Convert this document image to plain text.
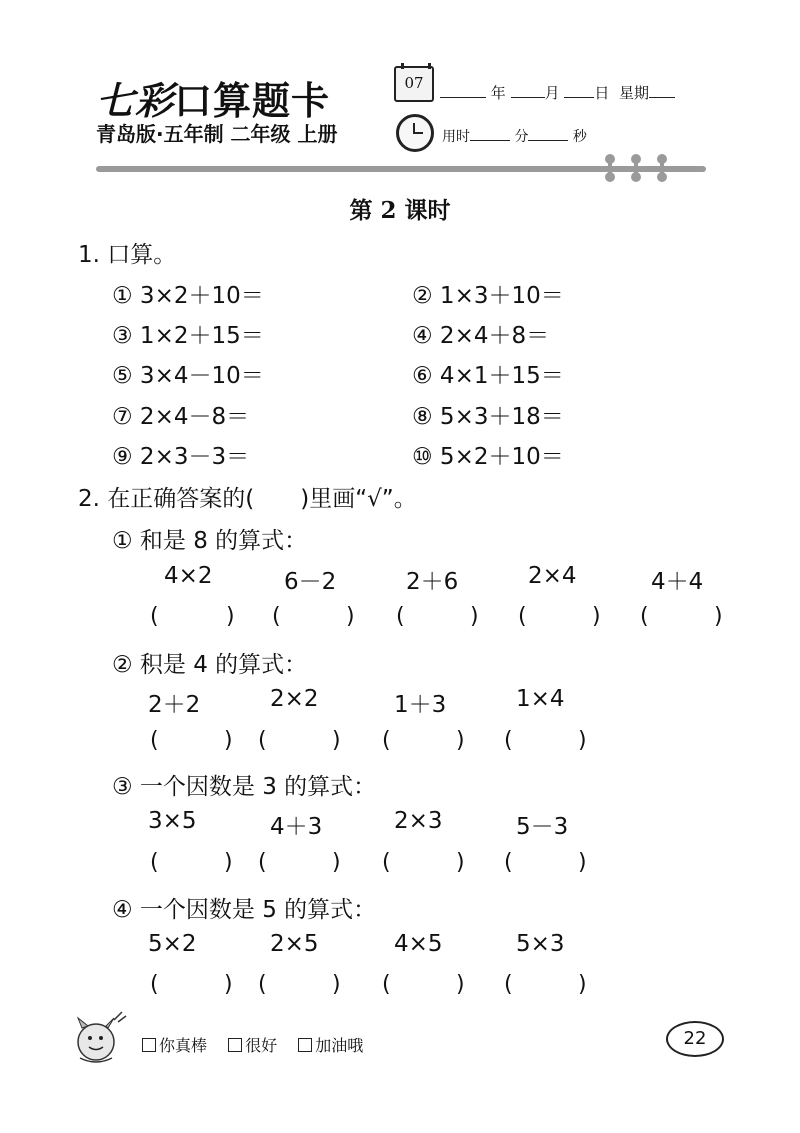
七彩口算题卡
青岛版·五年制 二年级 上册
07
年	月 日 星期
用时	分	秒
第 2 课时
1. 口算。
① 3×2＋10＝	② 1×3＋10＝
③ 1×2＋15＝	④ 2×4＋8＝
⑤ 3×4－10＝	⑥ 4×1＋15＝
⑦ 2×4－8＝	⑧ 5×3＋18＝
⑨ 2×3－3＝	⑩ 5×2＋10＝
2. 在正确答案的(　　)里画“√”。
① 和是 8 的算式：
4×2	6－2	2＋6	2×4	4＋4
(	) (	) (	) (	) (	)
② 积是 4 的算式：
2＋2	2×2	1＋3	1×4
(	) (	) (	) (	)
③ 一个因数是 3 的算式：
3×5	4＋3	2×3	5－3
(	) (	) (	) (	)
④ 一个因数是 5 的算式：
5×2	2×5	4×5	5×3
(	) (	) (	) (	)
你真棒 很好 加油哦	22
